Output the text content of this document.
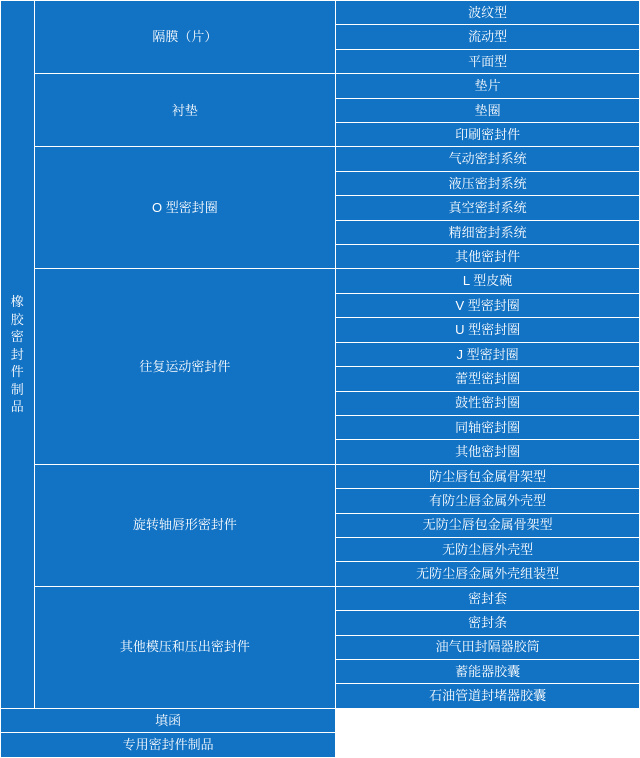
橡胶密封件制品	隔膜（片）	波纹型
		流动型
		平面型
	衬垫	垫片
		垫圈
		印刷密封件
	O 型密封圈	气动密封系统
		液压密封系统
		真空密封系统
		精细密封系统
		其他密封件
	往复运动密封件	L 型皮碗
		V 型密封圈
		U 型密封圈
		J 型密封圈
		蕾型密封圈
		鼓性密封圈
		同轴密封圈
		其他密封圈
	旋转轴唇形密封件	防尘唇包金属骨架型
		有防尘唇金属外壳型
		无防尘唇包金属骨架型
		无防尘唇外壳型
		无防尘唇金属外壳组装型
	其他模压和压出密封件	密封套
		密封条
		油气田封隔器胶筒
		蓄能器胶囊
		石油管道封堵器胶囊
填函		
专用密封件制品		
